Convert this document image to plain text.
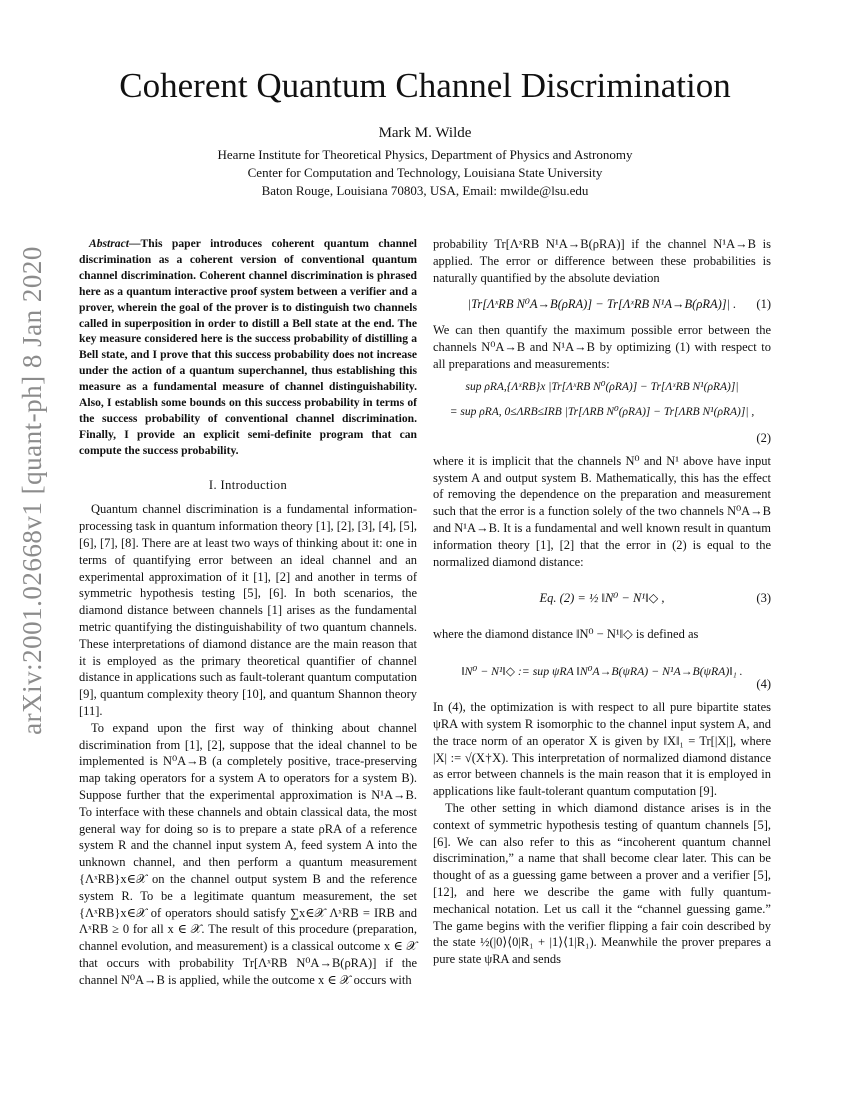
arXiv:2001.02668v1 [quant-ph] 8 Jan 2020
Coherent Quantum Channel Discrimination
Mark M. Wilde
Hearne Institute for Theoretical Physics, Department of Physics and Astronomy
Center for Computation and Technology, Louisiana State University
Baton Rouge, Louisiana 70803, USA, Email: mwilde@lsu.edu

Abstract—This paper introduces coherent quantum channel discrimination as a coherent version of conventional quantum channel discrimination. Coherent channel discrimination is phrased here as a quantum interactive proof system between a verifier and a prover, wherein the goal of the prover is to distinguish two channels called in superposition in order to distill a Bell state at the end. The key measure considered here is the success probability of distilling a Bell state, and I prove that this success probability does not increase under the action of a quantum superchannel, thus establishing this measure as a fundamental measure of channel distinguishability. Also, I establish some bounds on this success probability in terms of the success probability of conventional channel discrimination. Finally, I provide an explicit semi-definite program that can compute the success probability.

I. Introduction

Quantum channel discrimination is a fundamental information-processing task in quantum information theory [1], [2], [3], [4], [5], [6], [7], [8]. There are at least two ways of thinking about it: one in terms of quantifying error between an ideal channel and an experimental approximation of it [1], [2] and another in terms of symmetric hypothesis testing [5], [6]. In both scenarios, the diamond distance between channels [1] arises as the fundamental metric quantifying the distinguishability of two quantum channels. These interpretations of diamond distance are the main reason that it is employed as the primary theoretical quantifier of channel distance in applications such as fault-tolerant quantum computation [9], quantum complexity theory [10], and quantum Shannon theory [11].

To expand upon the first way of thinking about channel discrimination from [1], [2], suppose that the ideal channel to be implemented is N⁰A→B (a completely positive, trace-preserving map taking operators for a system A to operators for a system B). Suppose further that the experimental approximation is N¹A→B. To interface with these channels and obtain classical data, the most general way for doing so is to prepare a state ρRA of a reference system R and the channel input system A, feed system A into the unknown channel, and then perform a quantum measurement {ΛˣRB}x∈𝒳 on the channel output system B and the reference system R. To be a legitimate quantum measurement, the set {ΛˣRB}x∈𝒳 of operators should satisfy ∑x∈𝒳 ΛˣRB = IRB and ΛˣRB ≥ 0 for all x ∈ 𝒳. The result of this procedure (preparation, channel evolution, and measurement) is a classical outcome x ∈ 𝒳 that occurs with probability Tr[ΛˣRB N⁰A→B(ρRA)] if the channel N⁰A→B is applied, while the outcome x ∈ 𝒳 occurs with

probability Tr[ΛˣRB N¹A→B(ρRA)] if the channel N¹A→B is applied. The error or difference between these probabilities is naturally quantified by the absolute deviation

|Tr[ΛˣRB N⁰A→B(ρRA)] − Tr[ΛˣRB N¹A→B(ρRA)]| . (1)

We can then quantify the maximum possible error between the channels N⁰A→B and N¹A→B by optimizing (1) with respect to all preparations and measurements:

sup ρRA,{ΛˣRB}x |Tr[ΛˣRB N⁰(ρRA)] − Tr[ΛˣRB N¹(ρRA)]|
= sup ρRA, 0≤ΛRB≤IRB |Tr[ΛRB N⁰(ρRA)] − Tr[ΛRB N¹(ρRA)]| ,
(2)

where it is implicit that the channels N⁰ and N¹ above have input system A and output system B. Mathematically, this has the effect of removing the dependence on the preparation and measurement such that the error is a function solely of the two channels N⁰A→B and N¹A→B. It is a fundamental and well known result in quantum information theory [1], [2] that the error in (2) is equal to the normalized diamond distance:

Eq. (2) = ½ ‖N⁰ − N¹‖◇ ,	(3)

where the diamond distance ‖N⁰ − N¹‖◇ is defined as

‖N⁰ − N¹‖◇ := sup ψRA ‖N⁰A→B(ψRA) − N¹A→B(ψRA)‖₁ .
(4)

In (4), the optimization is with respect to all pure bipartite states ψRA with system R isomorphic to the channel input system A, and the trace norm of an operator X is given by ‖X‖₁ = Tr[|X|], where |X| := √(X†X). This interpretation of normalized diamond distance as error between channels is the main reason that it is employed in applications like fault-tolerant quantum computation [9].

The other setting in which diamond distance arises is in the context of symmetric hypothesis testing of quantum channels [5], [6]. We can also refer to this as “incoherent quantum channel discrimination,” a name that shall become clear later. This can be thought of as a guessing game between a prover and a verifier [5], [12], and here we describe the game with fully quantum-mechanical notation. Let us call it the “channel guessing game.” The game begins with the verifier flipping a fair coin described by the state ½(|0⟩⟨0|R₁ + |1⟩⟨1|R₁). Meanwhile the prover prepares a pure state ψRA and sends
